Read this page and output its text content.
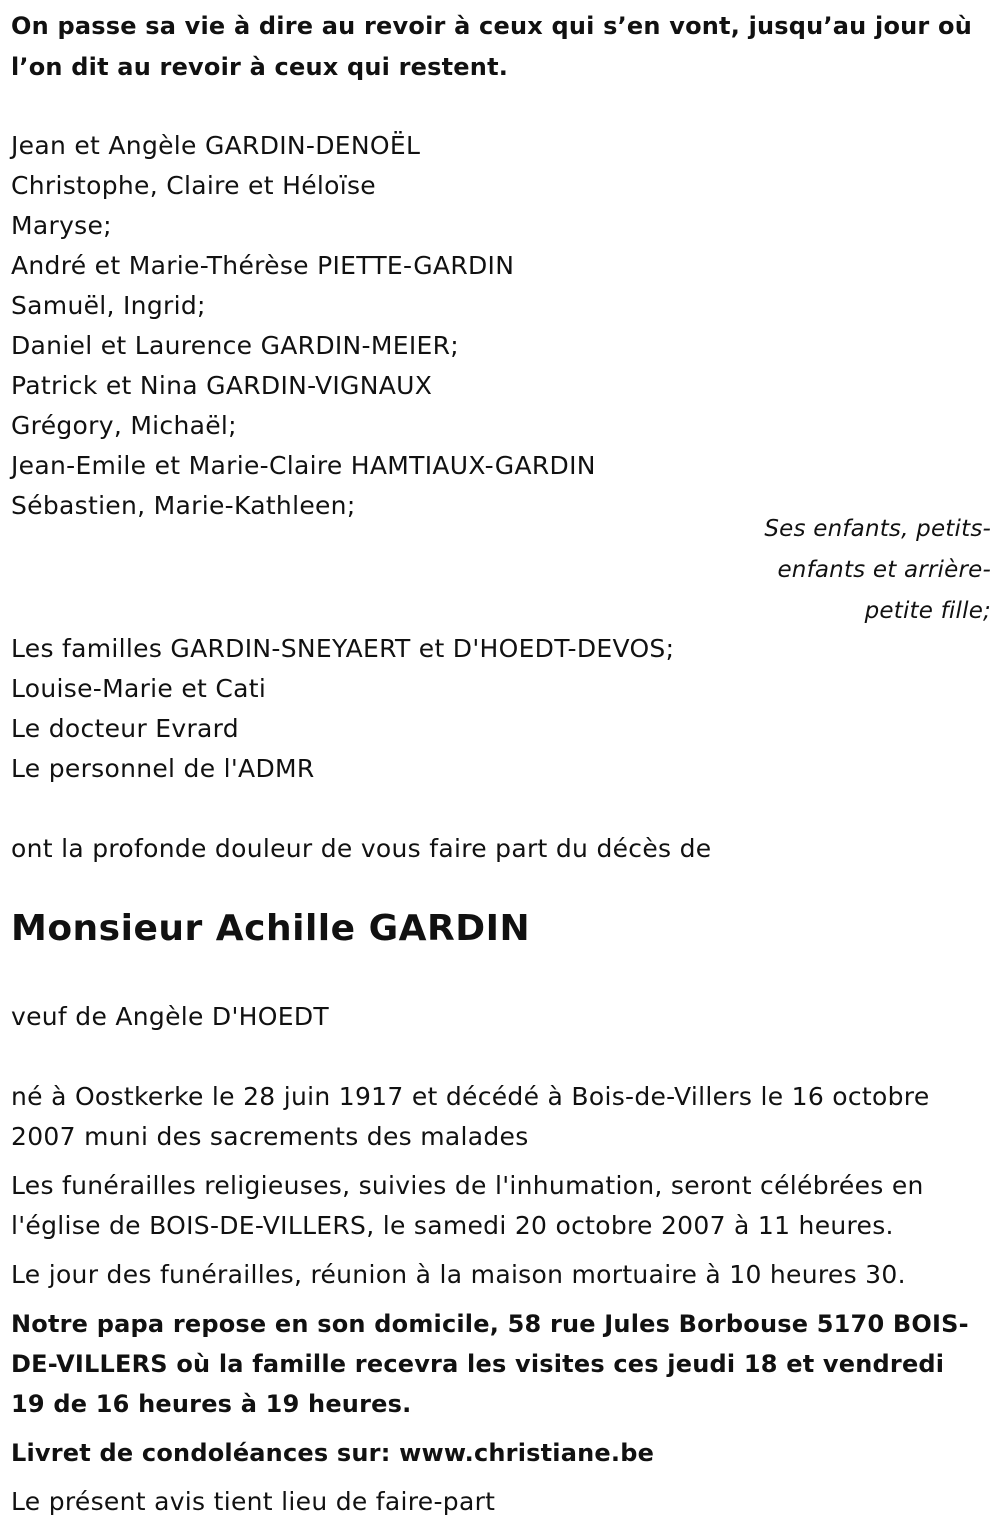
On passe sa vie à dire au revoir à ceux qui s’en vont, jusqu’au jour où l’on dit au revoir à ceux qui restent.
Jean et Angèle GARDIN-DENOËL
Christophe, Claire et Héloïse
Maryse;
André et Marie-Thérèse PIETTE-GARDIN
Samuël, Ingrid;
Daniel et Laurence GARDIN-MEIER;
Patrick et Nina GARDIN-VIGNAUX
Grégory, Michaël;
Jean-Emile et Marie-Claire HAMTIAUX-GARDIN
Sébastien, Marie-Kathleen;
Ses enfants, petits-
enfants et arrière-
petite fille;
Les familles GARDIN-SNEYAERT et D'HOEDT-DEVOS;
Louise-Marie et Cati
Le docteur Evrard
Le personnel de l'ADMR
ont la profonde douleur de vous faire part du décès de
Monsieur Achille GARDIN
veuf de Angèle D'HOEDT

né à Oostkerke le 28 juin 1917 et décédé à Bois-de-Villers le 16 octobre 2007 muni des sacrements des malades

Les funérailles religieuses, suivies de l'inhumation, seront célébrées en l'église de BOIS-DE-VILLERS, le samedi 20 octobre 2007 à 11 heures.

Le jour des funérailles, réunion à la maison mortuaire à 10 heures 30.

Notre papa repose en son domicile, 58 rue Jules Borbouse 5170 BOIS-DE-VILLERS où la famille recevra les visites ces jeudi 18 et vendredi 19 de 16 heures à 19 heures.

Livret de condoléances sur: www.christiane.be

Le présent avis tient lieu de faire-part
